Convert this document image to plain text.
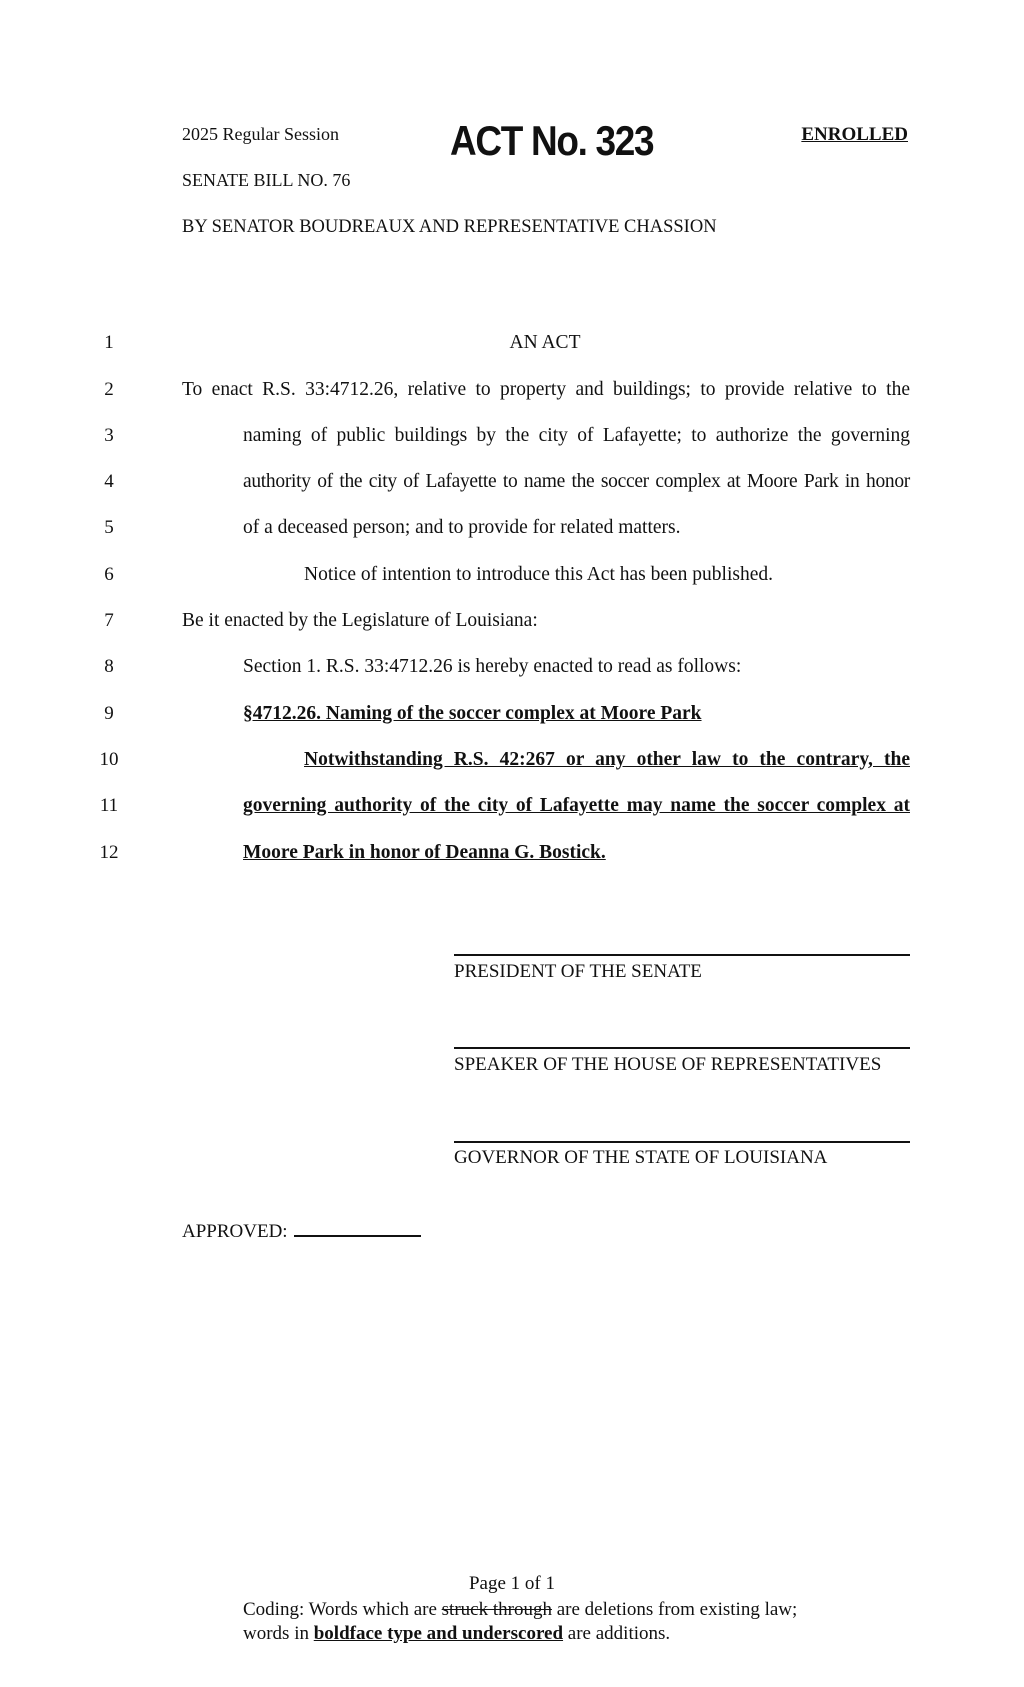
2025 Regular Session	ACT No. 323	ENROLLED
SENATE BILL NO. 76
BY SENATOR BOUDREAUX AND REPRESENTATIVE CHASSION
1
2
3
4
5
6
7
8
9
10
11
12
AN ACT
To enact R.S. 33:4712.26, relative to property and buildings; to provide relative to the
naming of public buildings by the city of Lafayette; to authorize the governing
authority of the city of Lafayette to name the soccer complex at Moore Park in honor
of a deceased person; and to provide for related matters.
Notice of intention to introduce this Act has been published.
Be it enacted by the Legislature of Louisiana:
Section 1. R.S. 33:4712.26 is hereby enacted to read as follows:
§4712.26. Naming of the soccer complex at Moore Park
Notwithstanding R.S. 42:267 or any other law to the contrary, the
governing authority of the city of Lafayette may name the soccer complex at
Moore Park in honor of Deanna G. Bostick.
PRESIDENT OF THE SENATE
SPEAKER OF THE HOUSE OF REPRESENTATIVES
GOVERNOR OF THE STATE OF LOUISIANA
APPROVED:
Page 1 of 1
Coding: Words which are struck through are deletions from existing law;
words in boldface type and underscored are additions.
